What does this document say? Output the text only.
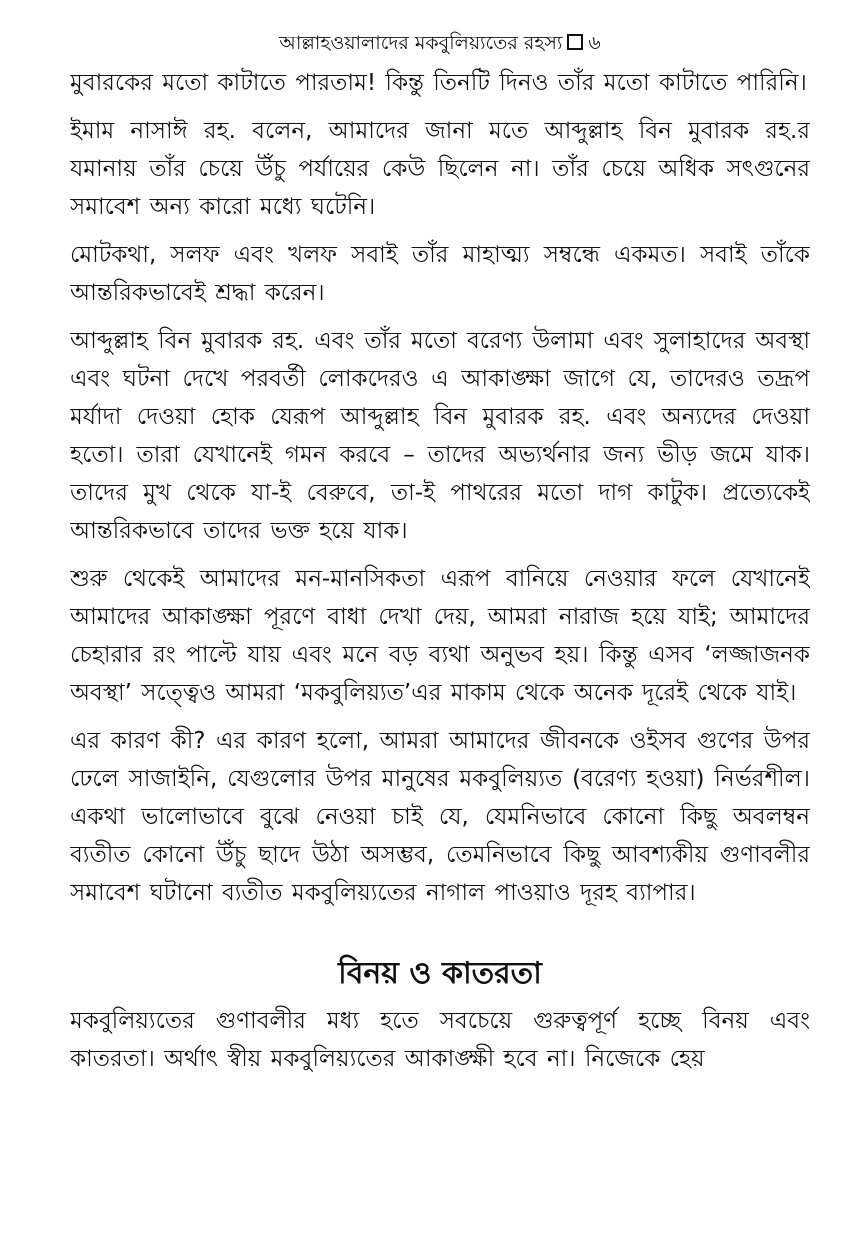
আল্লাহওয়ালাদের মকবুলিয়্যতের রহস্য ৬

মুবারকের মতো কাটাতে পারতাম! কিন্তু তিনটি দিনও তাঁর মতো কাটাতে পারিনি।

ইমাম নাসাঈ রহ. বলেন, আমাদের জানা মতে আব্দুল্লাহ বিন মুবারক রহ.র যমানায় তাঁর চেয়ে উঁচু পর্যায়ের কেউ ছিলেন না। তাঁর চেয়ে অধিক সৎগুনের সমাবেশ অন্য কারো মধ্যে ঘটেনি।

মোটকথা, সলফ এবং খলফ সবাই তাঁর মাহাত্ম্য সম্বন্ধে একমত। সবাই তাঁকে আন্তরিকভাবেই শ্রদ্ধা করেন।

আব্দুল্লাহ বিন মুবারক রহ. এবং তাঁর মতো বরেণ্য উলামা এবং সুলাহাদের অবস্থা এবং ঘটনা দেখে পরবর্তী লোকদেরও এ আকাঙ্ক্ষা জাগে যে, তাদেরও তদ্রূপ মর্যাদা দেওয়া হোক যেরূপ আব্দুল্লাহ বিন মুবারক রহ. এবং অন্যদের দেওয়া হতো। তারা যেখানেই গমন করবে – তাদের অভ্যর্থনার জন্য ভীড় জমে যাক। তাদের মুখ থেকে যা-ই বেরুবে, তা-ই পাথরের মতো দাগ কাটুক। প্রত্যেকেই আন্তরিকভাবে তাদের ভক্ত হয়ে যাক।

শুরু থেকেই আমাদের মন-মানসিকতা এরূপ বানিয়ে নেওয়ার ফলে যেখানেই আমাদের আকাঙ্ক্ষা পূরণে বাধা দেখা দেয়, আমরা নারাজ হয়ে যাই; আমাদের চেহারার রং পাল্টে যায় এবং মনে বড় ব্যথা অনুভব হয়। কিন্তু এসব ‘লজ্জাজনক অবস্থা’ সত্ত্বেও আমরা ‘মকবুলিয়্যত’এর মাকাম থেকে অনেক দূরেই থেকে যাই।

এর কারণ কী? এর কারণ হলো, আমরা আমাদের জীবনকে ওইসব গুণের উপর ঢেলে সাজাইনি, যেগুলোর উপর মানুষের মকবুলিয়্যত (বরেণ্য হওয়া) নির্ভরশীল। একথা ভালোভাবে বুঝে নেওয়া চাই যে, যেমনিভাবে কোনো কিছু অবলম্বন ব্যতীত কোনো উঁচু ছাদে উঠা অসম্ভব, তেমনিভাবে কিছু আবশ্যকীয় গুণাবলীর সমাবেশ ঘটানো ব্যতীত মকবুলিয়্যতের নাগাল পাওয়াও দূরহ ব্যাপার।

বিনয় ও কাতরতা

মকবুলিয়্যতের গুণাবলীর মধ্য হতে সবচেয়ে গুরুত্বপূর্ণ হচ্ছে বিনয় এবং কাতরতা। অর্থাৎ স্বীয় মকবুলিয়্যতের আকাঙ্ক্ষী হবে না। নিজেকে হেয়
